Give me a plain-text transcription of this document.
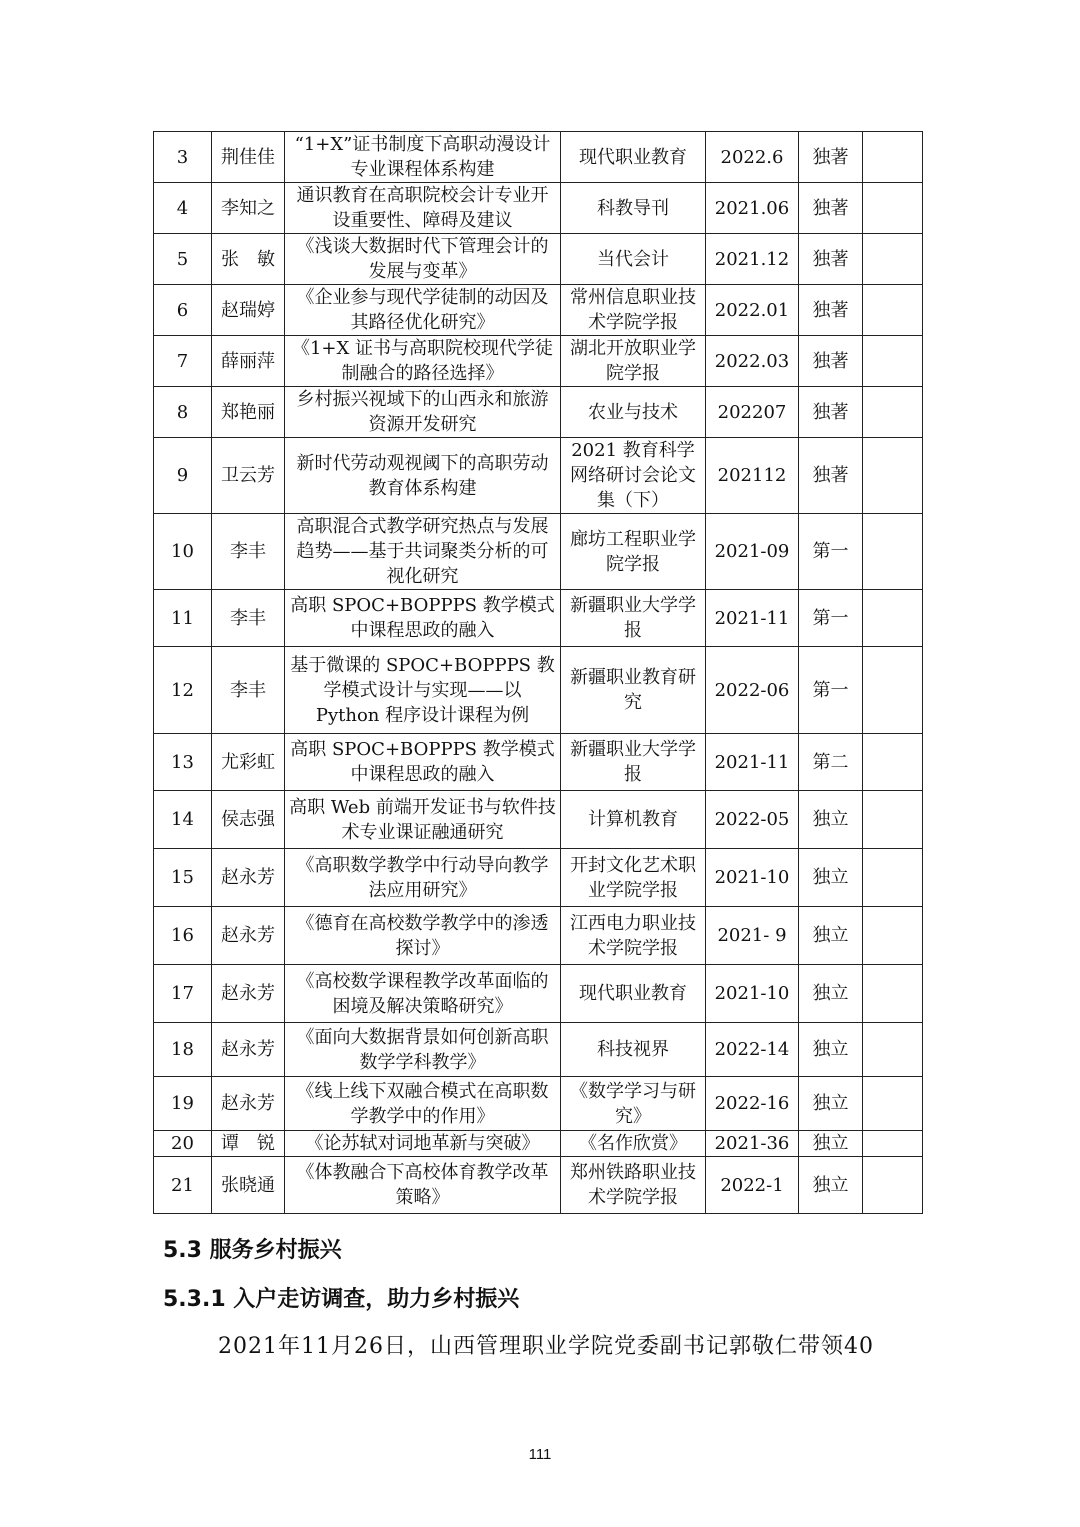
3	荆佳佳	“1+X”证书制度下高职动漫设计专业课程体系构建	现代职业教育	2022.6	独著	
4	李知之	通识教育在高职院校会计专业开设重要性、障碍及建议	科教导刊	2021.06	独著	
5	张　敏	《浅谈大数据时代下管理会计的发展与变革》	当代会计	2021.12	独著	
6	赵瑞婷	《企业参与现代学徒制的动因及其路径优化研究》	常州信息职业技术学院学报	2022.01	独著	
7	薛丽萍	《1+X 证书与高职院校现代学徒制融合的路径选择》	湖北开放职业学院学报	2022.03	独著	
8	郑艳丽	乡村振兴视域下的山西永和旅游资源开发研究	农业与技术	202207	独著	
9	卫云芳	新时代劳动观视阈下的高职劳动教育体系构建	2021 教育科学网络研讨会论文集（下）	202112	独著	
10	李丰	高职混合式教学研究热点与发展趋势——基于共词聚类分析的可视化研究	廊坊工程职业学院学报	2021-09	第一	
11	李丰	高职 SPOC+BOPPPS 教学模式中课程思政的融入	新疆职业大学学报	2021-11	第一	
12	李丰	基于微课的 SPOC+BOPPPS 教学模式设计与实现——以 Python 程序设计课程为例	新疆职业教育研究	2022-06	第一	
13	尤彩虹	高职 SPOC+BOPPPS 教学模式中课程思政的融入	新疆职业大学学报	2021-11	第二	
14	侯志强	高职 Web 前端开发证书与软件技术专业课证融通研究	计算机教育	2022-05	独立	
15	赵永芳	《高职数学教学中行动导向教学法应用研究》	开封文化艺术职业学院学报	2021-10	独立	
16	赵永芳	《德育在高校数学教学中的渗透探讨》	江西电力职业技术学院学报	2021- 9	独立	
17	赵永芳	《高校数学课程教学改革面临的困境及解决策略研究》	现代职业教育	2021-10	独立	
18	赵永芳	《面向大数据背景如何创新高职数学学科教学》	科技视界	2022-14	独立	
19	赵永芳	《线上线下双融合模式在高职数学教学中的作用》	《数学学习与研究》	2022-16	独立	
20	谭　锐	《论苏轼对词地革新与突破》	《名作欣赏》	2021-36	独立	
21	张晓通	《体教融合下高校体育教学改革策略》	郑州铁路职业技术学院学报	2022-1	独立	
5.3 服务乡村振兴
5.3.1 入户走访调查，助力乡村振兴
2021年11月26日，山西管理职业学院党委副书记郭敬仁带领40
111
